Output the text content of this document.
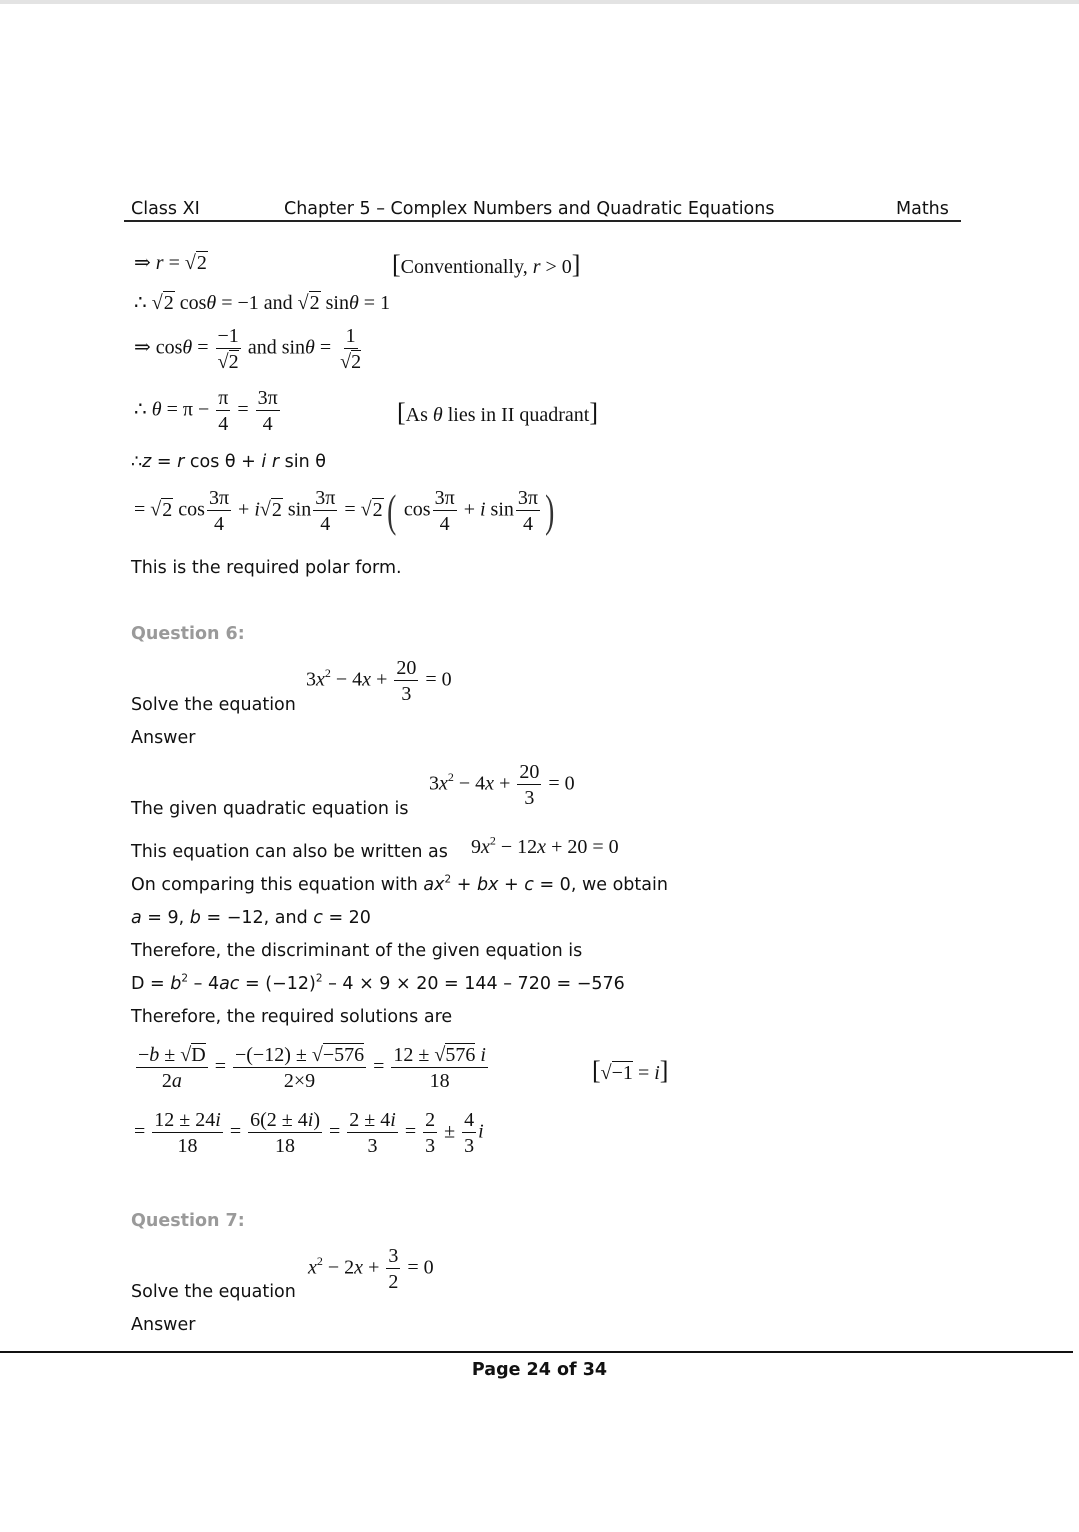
Class XI	Chapter 5 – Complex Numbers and Quadratic Equations	Maths
⇒ r = √2	[Conventionally, r > 0]
∴ √2 cosθ = −1 and √2 sinθ = 1
⇒ $\cos\theta = \frac{-1}{√2}$ and $\sin\theta = \frac{1}{√2}$
∴ $\theta = \pi - \frac{\pi}{4} = \frac{3\pi}{4}$	[As θ lies in II quadrant]
∴z = r cos θ + i r sin θ
= √2 $\cos \frac{3\pi}{4} + i√2$ $\sin \frac{3\pi}{4} = √2$( $\cos \frac{3\pi}{4} + i$ $\sin \frac{3\pi}{4}$ )
This is the required polar form.
Question 6:
$3x^2 - 4x + \frac{20}{3} = 0$
Solve the equation
Answer
$3x^2 - 4x + \frac{20}{3} = 0$
The given quadratic equation is
This equation can also be written as $9x^2 - 12x + 20 = 0$
On comparing this equation with $ax^2$ + bx + c = 0, we obtain
a = 9, b = −12, and c = 20
Therefore, the discriminant of the given equation is
$D = b^2 - 4ac = (-12)^2 - 4 \times 9 \times 20 = 144 - 720 = -576$
Therefore, the required solutions are
$\frac{-b \pm √D}{2a} = \frac{-(-12) \pm √-576}{2\times 9} = \frac{12 \pm √576 i}{18}$	[√−1 = i]
= $\frac{12 \pm 24i}{18} = \frac{6(2 \pm 4i)}{18} = \frac{2 \pm 4i}{3} = \frac{2}{3} \pm \frac{4}{3}$ i
Question 7:
$x^2 - 2x + \frac{3}{2} = 0$
Solve the equation
Answer
Page 24 of 34
